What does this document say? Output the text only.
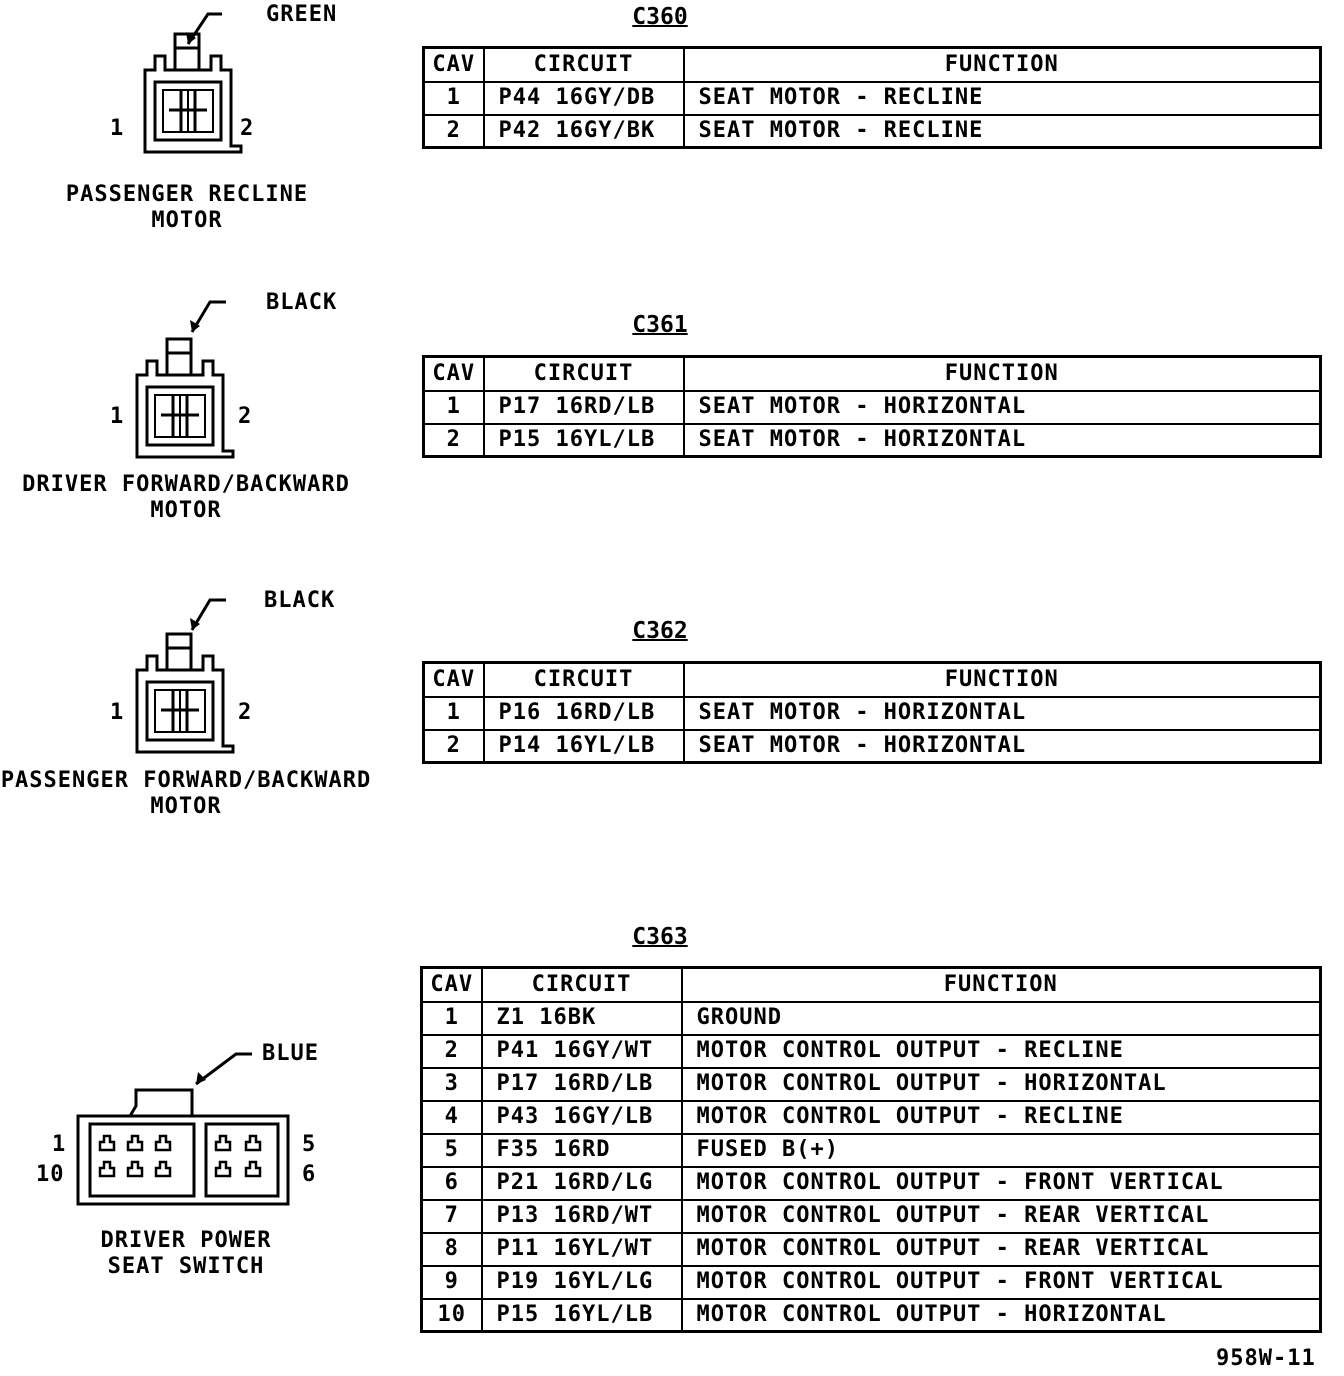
GREEN
1	2
PASSENGER RECLINE
MOTOR
BLACK
1	2
DRIVER FORWARD/BACKWARD
MOTOR
BLACK
1	2
PASSENGER FORWARD/BACKWARD
MOTOR
BLUE
1
10
5
6
DRIVER POWER
SEAT SWITCH
C360
C361
C362
C363
CAV	CIRCUIT	FUNCTION
1	P44 16GY/DB	SEAT MOTOR - RECLINE
2	P42 16GY/BK	SEAT MOTOR - RECLINE
CAV	CIRCUIT	FUNCTION
1	P17 16RD/LB	SEAT MOTOR - HORIZONTAL
2	P15 16YL/LB	SEAT MOTOR - HORIZONTAL
CAV	CIRCUIT	FUNCTION
1	P16 16RD/LB	SEAT MOTOR - HORIZONTAL
2	P14 16YL/LB	SEAT MOTOR - HORIZONTAL
CAV	CIRCUIT	FUNCTION
1	Z1 16BK	GROUND
2	P41 16GY/WT	MOTOR CONTROL OUTPUT - RECLINE
3	P17 16RD/LB	MOTOR CONTROL OUTPUT - HORIZONTAL
4	P43 16GY/LB	MOTOR CONTROL OUTPUT - RECLINE
5	F35 16RD	FUSED B(+)
6	P21 16RD/LG	MOTOR CONTROL OUTPUT - FRONT VERTICAL
7	P13 16RD/WT	MOTOR CONTROL OUTPUT - REAR VERTICAL
8	P11 16YL/WT	MOTOR CONTROL OUTPUT - REAR VERTICAL
9	P19 16YL/LG	MOTOR CONTROL OUTPUT - FRONT VERTICAL
10	P15 16YL/LB	MOTOR CONTROL OUTPUT - HORIZONTAL
958W-11
